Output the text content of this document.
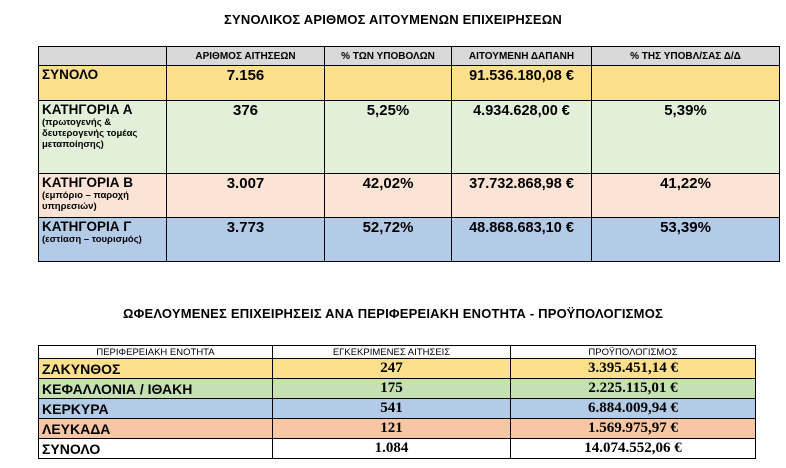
ΣΥΝΟΛΙΚΟΣ ΑΡΙΘΜΟΣ ΑΙΤΟΥΜΕΝΩΝ ΕΠΙΧΕΙΡΗΣΕΩΝ
	ΑΡΙΘΜΟΣ ΑΙΤΗΣΕΩΝ	% ΤΩΝ ΥΠΟΒΟΛΩΝ	ΑΙΤΟΥΜΕΝΗ ΔΑΠΑΝΗ	% ΤΗΣ ΥΠΟΒΛ/ΣΑΣ Δ/Δ

ΣΥΝΟΛΟ	7.156		91.536.180,08 €	

ΚΑΤΗΓΟΡΙΑ Α
(πρωτογενής & δευτερογενής τομέας μεταποίησης)	376	5,25%	4.934.628,00 €	5,39%

ΚΑΤΗΓΟΡΙΑ Β
(εμπόριο – παροχή υπηρεσιών)	3.007	42,02%	37.732.868,98 €	41,22%

ΚΑΤΗΓΟΡΙΑ Γ
(εστίαση – τουρισμός)	3.773	52,72%	48.868.683,10 €	53,39%
ΩΦΕΛΟΥΜΕΝΕΣ ΕΠΙΧΕΙΡΗΣΕΙΣ ΑΝΑ ΠΕΡΙΦΕΡΕΙΑΚΗ ΕΝΟΤΗΤΑ - ΠΡΟΫΠΟΛΟΓΙΣΜΟΣ
ΠΕΡΙΦΕΡΕΙΑΚΗ ΕΝΟΤΗΤΑ	ΕΓΚΕΚΡΙΜΕΝΕΣ ΑΙΤΗΣΕΙΣ	ΠΡΟΫΠΟΛΟΓΙΣΜΟΣ
ΖΑΚΥΝΘΟΣ	247	3.395.451,14 €
ΚΕΦΑΛΛΟΝΙΑ / ΙΘΑΚΗ	175	2.225.115,01 €
ΚΕΡΚΥΡΑ	541	6.884.009,94 €
ΛΕΥΚΑΔΑ	121	1.569.975,97 €
ΣΥΝΟΛΟ	1.084	14.074.552,06 €
